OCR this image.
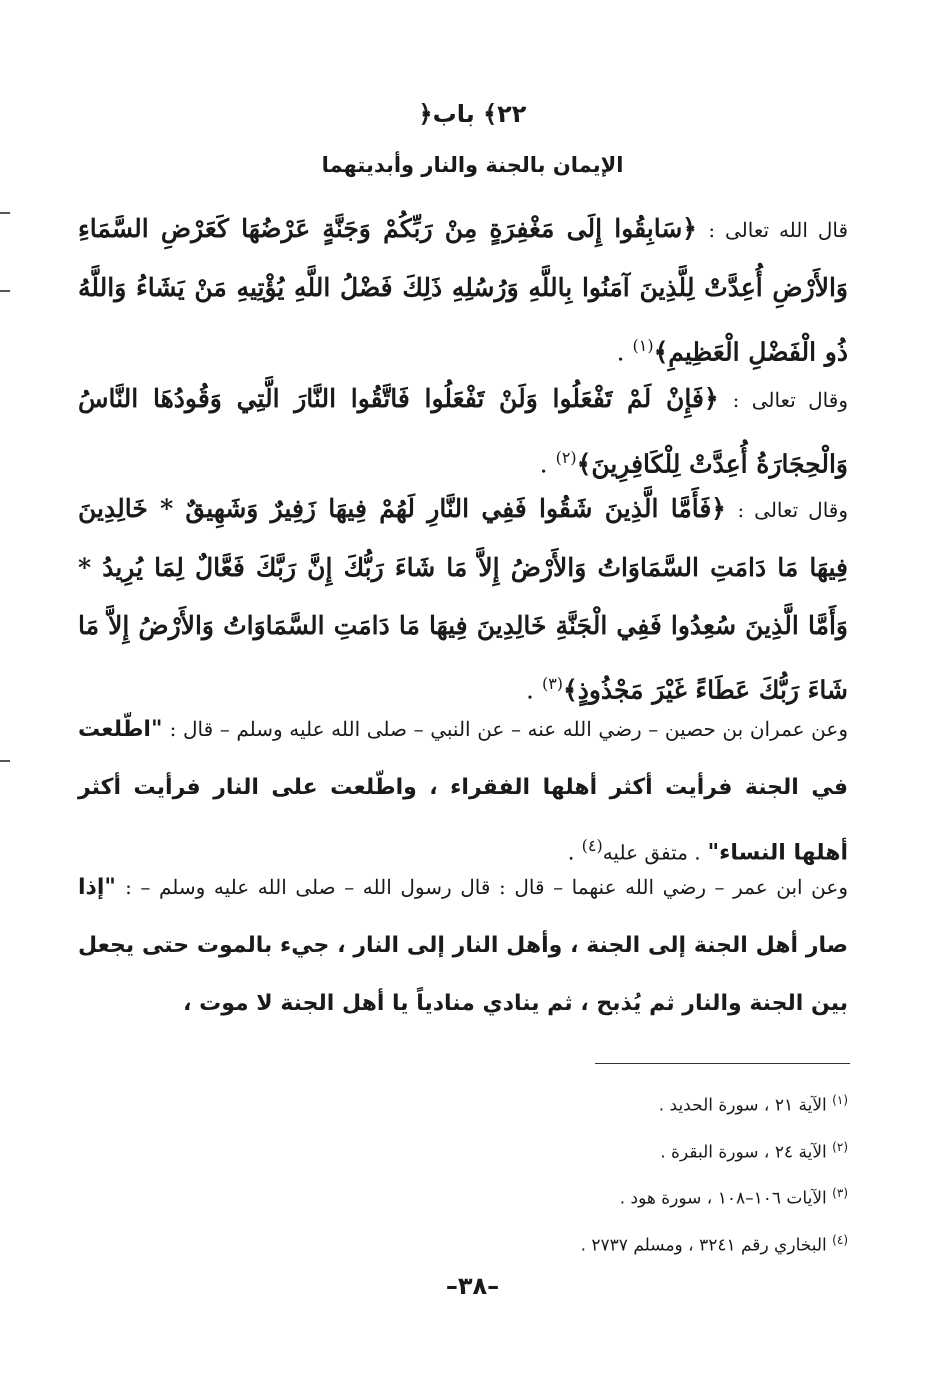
﴿٢٢﴾ باب
الإيمان بالجنة والنار وأبديتهما

قال الله تعالى : ﴿سَابِقُوا إِلَى مَغْفِرَةٍ مِنْ رَبِّكُمْ وَجَنَّةٍ عَرْضُهَا كَعَرْضِ السَّمَاءِ وَالأَرْضِ أُعِدَّتْ لِلَّذِينَ آمَنُوا بِاللَّهِ وَرُسُلِهِ ذَلِكَ فَضْلُ اللَّهِ يُؤْتِيهِ مَنْ يَشَاءُ وَاللَّهُ ذُو الْفَضْلِ الْعَظِيمِ﴾$^{(١)}$ .

وقال تعالى : ﴿فَإِنْ لَمْ تَفْعَلُوا وَلَنْ تَفْعَلُوا فَاتَّقُوا النَّارَ الَّتِي وَقُودُهَا النَّاسُ وَالْحِجَارَةُ أُعِدَّتْ لِلْكَافِرِينَ﴾$^{(٢)}$ .

وقال تعالى : ﴿فَأَمَّا الَّذِينَ شَقُوا فَفِي النَّارِ لَهُمْ فِيهَا زَفِيرٌ وَشَهِيقٌ * خَالِدِينَ فِيهَا مَا دَامَتِ السَّمَاوَاتُ وَالأَرْضُ إِلاَّ مَا شَاءَ رَبُّكَ إِنَّ رَبَّكَ فَعَّالٌ لِمَا يُرِيدُ * وَأَمَّا الَّذِينَ سُعِدُوا فَفِي الْجَنَّةِ خَالِدِينَ فِيهَا مَا دَامَتِ السَّمَاوَاتُ وَالأَرْضُ إِلاَّ مَا شَاءَ رَبُّكَ عَطَاءً غَيْرَ مَجْذُوذٍ﴾$^{(٣)}$ .

وعن عمران بن حصين – رضي الله عنه – عن النبي – صلى الله عليه وسلم – قال : "اطّلعت في الجنة فرأيت أكثر أهلها الفقراء ، واطّلعت على النار فرأيت أكثر أهلها النساء" . متفق عليه$^{(٤)}$ .

وعن ابن عمر – رضي الله عنهما – قال : قال رسول الله – صلى الله عليه وسلم – : "إذا صار أهل الجنة إلى الجنة ، وأهل النار إلى النار ، جيء بالموت حتى يجعل بين الجنة والنار ثم يُذبح ، ثم ينادي منادياً يا أهل الجنة لا موت ،

$^{(١)}$ الآية ٢١ ، سورة الحديد .
$^{(٢)}$ الآية ٢٤ ، سورة البقرة .
$^{(٣)}$ الآيات ١٠٦–١٠٨ ، سورة هود .
$^{(٤)}$ البخاري رقم ٣٢٤١ ، ومسلم ٢٧٣٧ .
–٣٨–
